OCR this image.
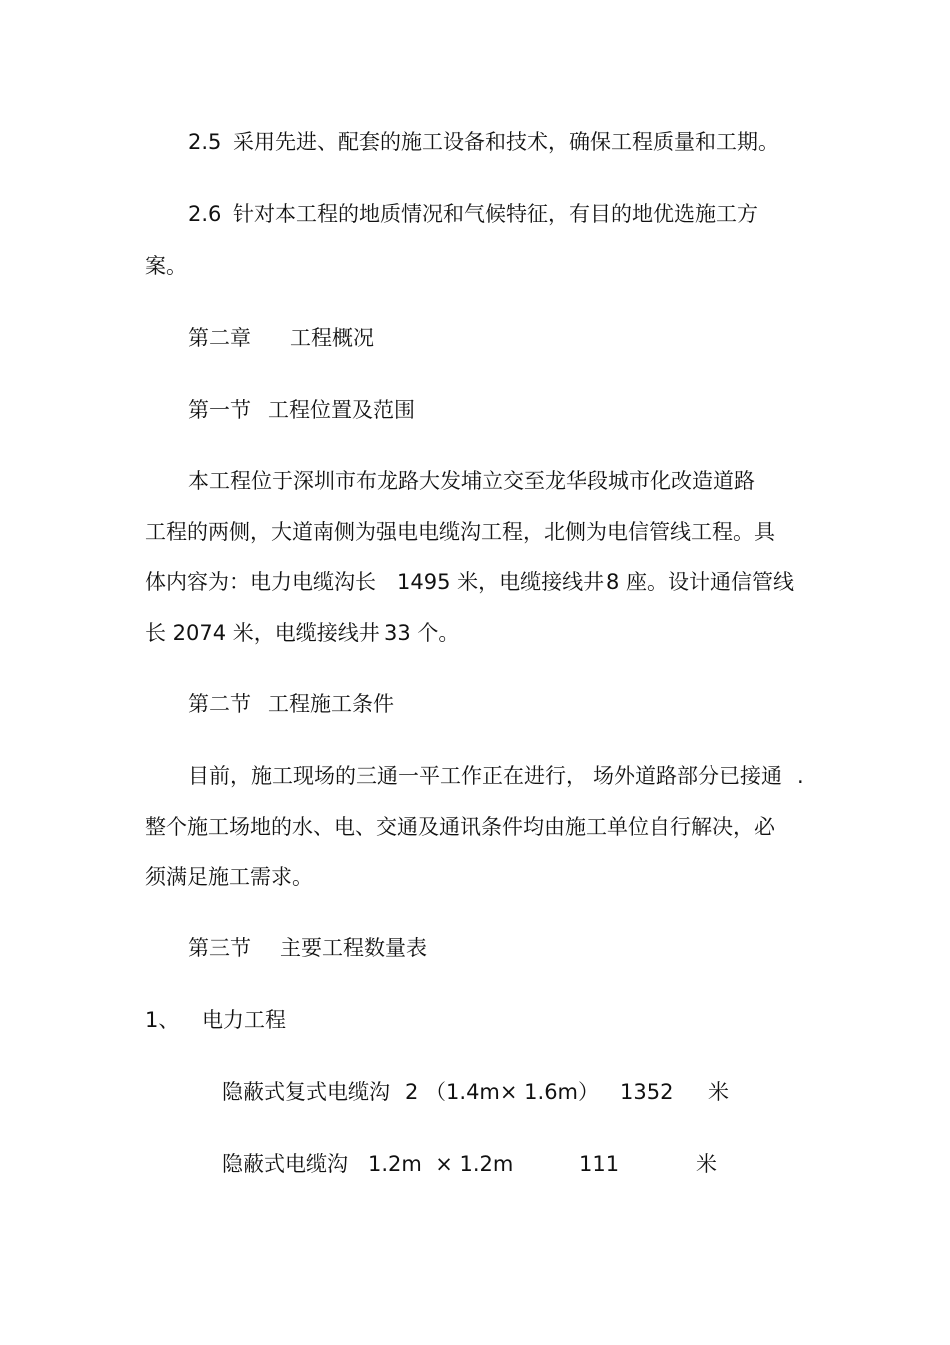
2.5 采用先进、配套的施工设备和技术，确保工程质量和工期。
2.6 针对本工程的地质情况和气候特征，有目的地优选施工方
案。
第二章 工程概况
第一节 工程位置及范围
本工程位于深圳市布龙路大发埔立交至龙华段城市化改造道路
工程的两侧，大道南侧为强电电缆沟工程，北侧为电信管线工程。具
体内容为：电力电缆沟长 1495 米，电缆接线井 8 座。设计通信管线
长 2074 米，电缆接线井 33 个。
第二节 工程施工条件
目前，施工现场的三通一平工作正在进行， 场外道路部分已接通 .
整个施工场地的水、电、交通及通讯条件均由施工单位自行解决，必
须满足施工需求。
第三节 主要工程数量表
1、 电力工程
隐蔽式复式电缆沟 2 （1.4m× 1.6m） 1352 米
隐蔽式电缆沟 1.2m  × 1.2m	111	米
